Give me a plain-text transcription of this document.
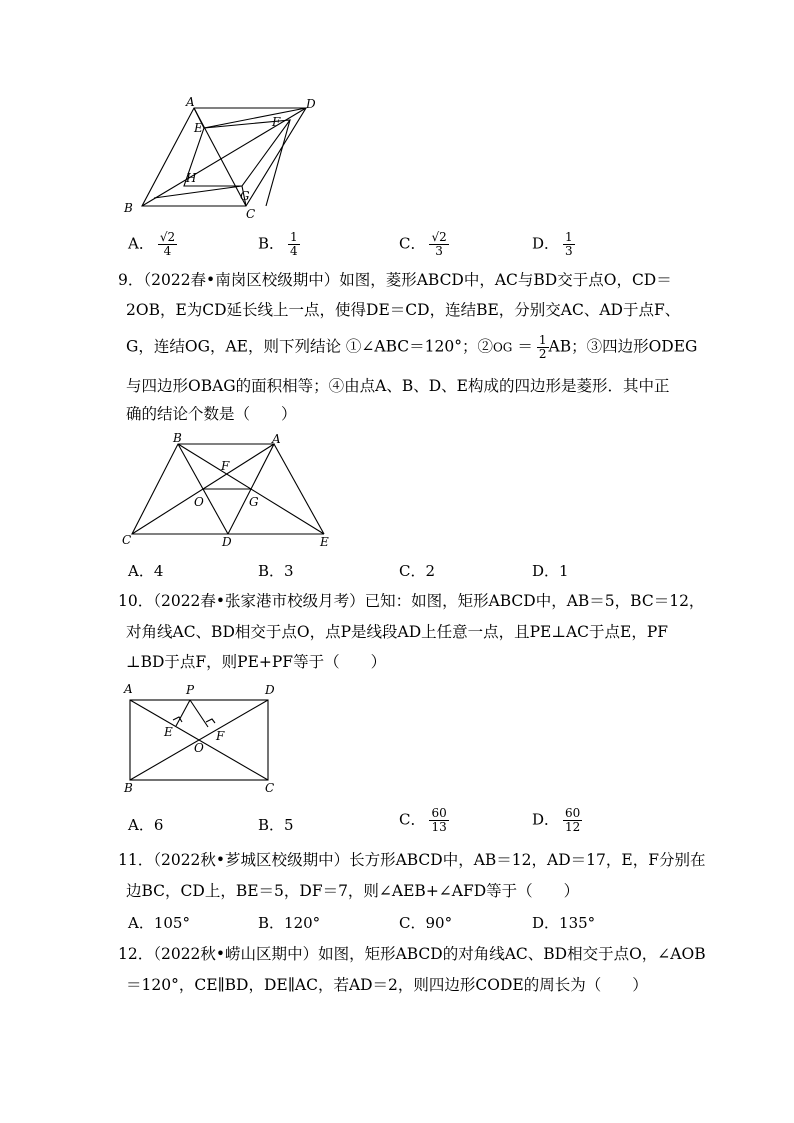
A	D
E	F
H
G
B	C
A． $\frac{√2}{4}$	B． $\frac{1}{4}$	C． $\frac{√2}{3}$	D． $\frac{1}{3}$
9．（2022春•南岗区校级期中）如图，菱形ABCD中，AC与BD交于点O，CD＝
2OB，E为CD延长线上一点，使得DE＝CD，连结BE，分别交AC、AD于点F、
G，连结OG，AE，则下列结论 ①∠ABC＝120°；②OG ＝ $\frac{1}{2}$ AB；③四边形ODEG
与四边形OBAG的面积相等；④由点A、B、D、E构成的四边形是菱形．其中正
确的结论个数是（　　）
B	A
F
O	G
C	D	E
A．4	B．3	C．2	D．1
10．（2022春•张家港市校级月考）已知：如图，矩形ABCD中，AB＝5，BC＝12，
对角线AC、BD相交于点O，点P是线段AD上任意一点，且PE⊥AC于点E，PF
⊥BD于点F，则PE+PF等于（　　）
A	P	D
E	F
O
B	C
A．6	B．5	C． $\frac{60}{13}$	D． $\frac{60}{12}$
11．（2022秋•芗城区校级期中）长方形ABCD中，AB＝12，AD＝17，E，F分别在
边BC，CD上，BE＝5，DF＝7，则∠AEB+∠AFD等于（　　）
A．105°	B．120°	C．90°	D．135°
12．（2022秋•崂山区期中）如图，矩形ABCD的对角线AC、BD相交于点O，∠AOB
＝120°，CE∥BD，DE∥AC，若AD＝2，则四边形CODE的周长为（　　）
